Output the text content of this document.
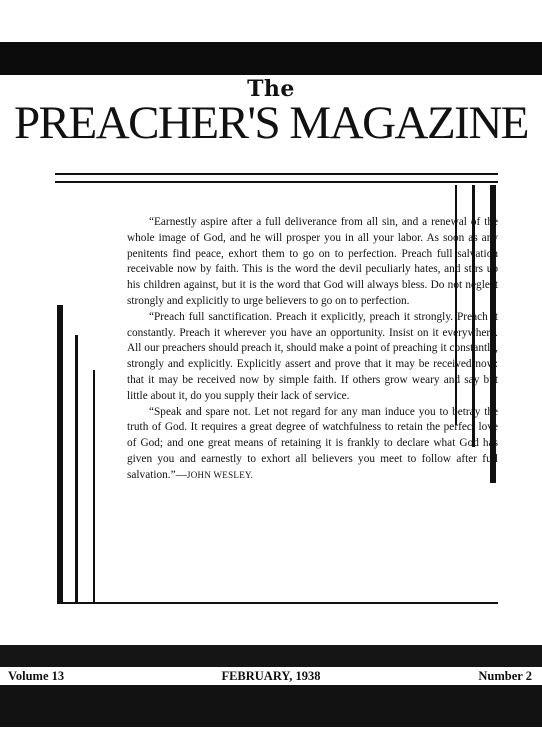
The
PREACHER'S MAGAZINE

“Earnestly aspire after a full deliverance from all sin, and a renewal of the whole image of God, and he will prosper you in all your labor. As soon as any penitents find peace, exhort them to go on to perfection. Preach full salvation receivable now by faith. This is the word the devil peculiarly hates, and stirs up his children against, but it is the word that God will always bless. Do not neglect strongly and explicitly to urge believers to go on to perfection.

“Preach full sanctification. Preach it explicitly, preach it strongly. Preach it constantly. Preach it wherever you have an opportunity. Insist on it everywhere. All our preachers should preach it, should make a point of preaching it constantly, strongly and explicitly. Explicitly assert and prove that it may be received now: that it may be received now by simple faith. If others grow weary and say but little about it, do you supply their lack of service.

“Speak and spare not. Let not regard for any man induce you to betray the truth of God. It requires a great degree of watchfulness to retain the perfect love of God; and one great means of retaining it is frankly to declare what God has given you and earnestly to exhort all believers you meet to follow after full salvation.”—JOHN WESLEY.

Volume 13	FEBRUARY, 1938	Number 2
